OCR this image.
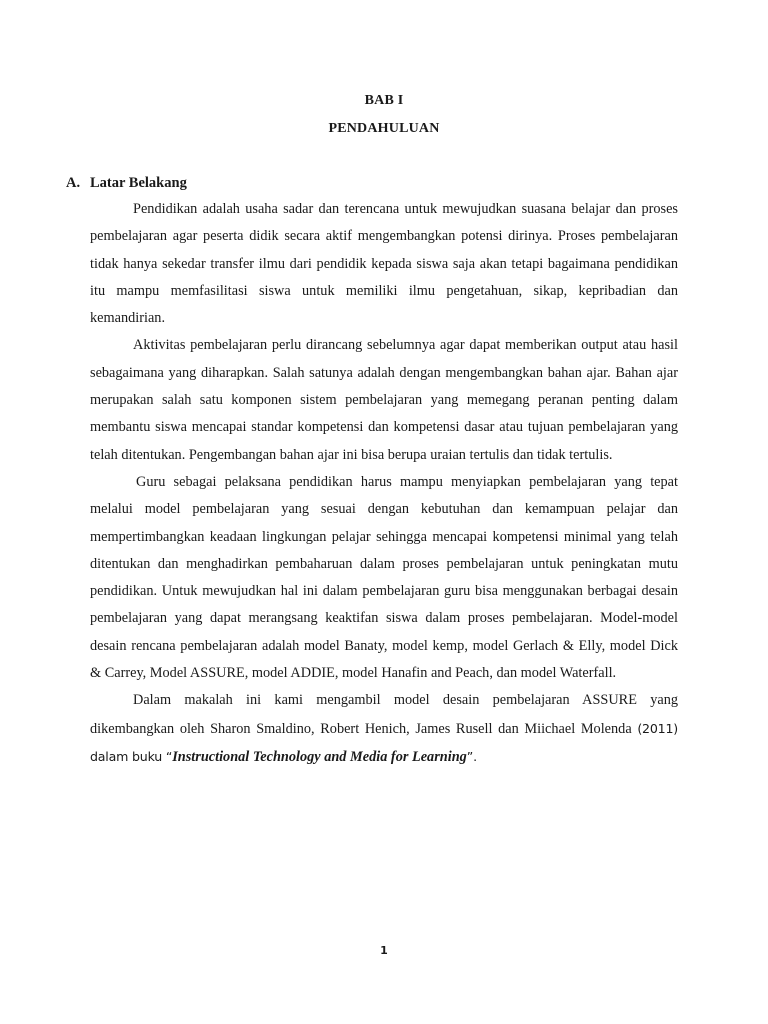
BAB I
PENDAHULUAN
A. Latar Belakang

Pendidikan adalah usaha sadar dan terencana untuk mewujudkan suasana belajar dan proses pembelajaran agar peserta didik secara aktif mengembangkan potensi dirinya. Proses pembelajaran tidak hanya sekedar transfer ilmu dari pendidik kepada siswa saja akan tetapi bagaimana pendidikan itu mampu memfasilitasi siswa untuk memiliki ilmu pengetahuan, sikap, kepribadian dan kemandirian.

Aktivitas pembelajaran perlu dirancang sebelumnya agar dapat memberikan output atau hasil sebagaimana yang diharapkan. Salah satunya adalah dengan mengembangkan bahan ajar. Bahan ajar merupakan salah satu komponen sistem pembelajaran yang memegang peranan penting dalam membantu siswa mencapai standar kompetensi dan kompetensi dasar atau tujuan pembelajaran yang telah ditentukan. Pengembangan bahan ajar ini bisa berupa uraian tertulis dan tidak tertulis.

Guru sebagai pelaksana pendidikan harus mampu menyiapkan pembelajaran yang tepat melalui model pembelajaran yang sesuai dengan kebutuhan dan kemampuan pelajar dan mempertimbangkan keadaan lingkungan pelajar sehingga mencapai kompetensi minimal yang telah ditentukan dan menghadirkan pembaharuan dalam proses pembelajaran untuk peningkatan mutu pendidikan. Untuk mewujudkan hal ini dalam pembelajaran guru bisa menggunakan berbagai desain pembelajaran yang dapat merangsang keaktifan siswa dalam proses pembelajaran. Model-model desain rencana pembelajaran adalah model Banaty, model kemp, model Gerlach & Elly, model Dick & Carrey, Model ASSURE, model ADDIE, model Hanafin and Peach, dan model Waterfall.

Dalam makalah ini kami mengambil model desain pembelajaran ASSURE yang dikembangkan oleh Sharon Smaldino, Robert Henich, James Rusell dan Miichael Molenda (2011) dalam buku “Instructional Technology and Media for Learning”.

1
